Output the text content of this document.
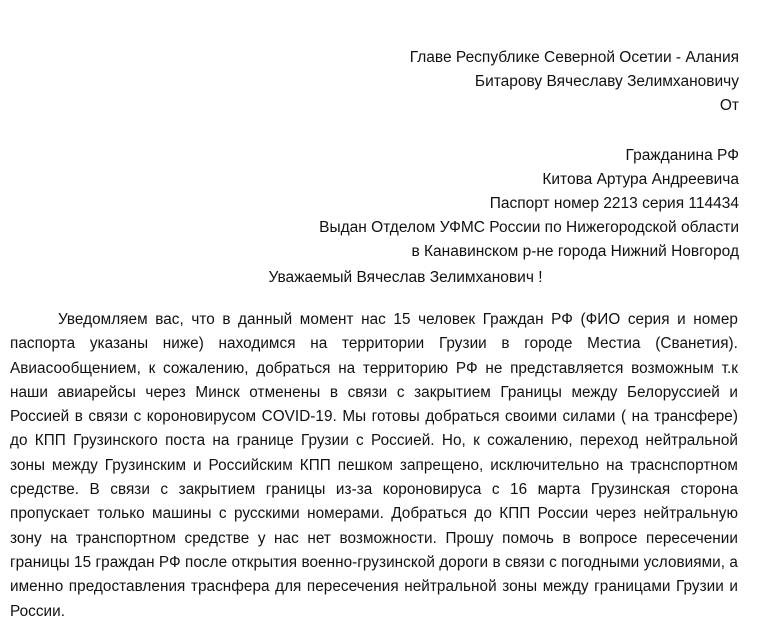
Главе Республике Северной Осетии - Алания
Битарову Вячеславу Зелимхановичу
От
Гражданина РФ
Китова Артура Андреевича
Паспорт номер 2213 серия 114434
Выдан Отделом УФМС России по Нижегородской области
в Канавинском р-не города Нижний Новгород
Уважаемый Вячеслав Зелимханович !

Уведомляем вас, что в данный момент нас 15 человек Граждан РФ (ФИО серия и номер паспорта указаны ниже) находимся на территории Грузии в городе Местиа (Сванетия). Авиасообщением, к сожалению, добраться на территорию РФ не представляется возможным т.к наши авиарейсы через Минск отменены в связи с закрытием Границы между Белоруссией и Россией в связи с короновирусом COVID-19. Мы готовы добраться своими силами ( на трансфере) до КПП Грузинского поста на границе Грузии с Россией. Но, к сожалению, переход нейтральной зоны между Грузинским и Российским КПП пешком запрещено, исключительно на траснспортном средстве. В связи с закрытием границы из-за короновируса с 16 марта Грузинская сторона пропускает только машины с русскими номерами. Добраться до КПП России через нейтральную зону на транспортном средстве у нас нет возможности. Прошу помочь в вопросе пересечении границы 15 граждан РФ после открытия военно-грузинской дороги в связи с погодными условиями, а именно предоставления траснфера для пересечения нейтральной зоны между границами Грузии и России.
